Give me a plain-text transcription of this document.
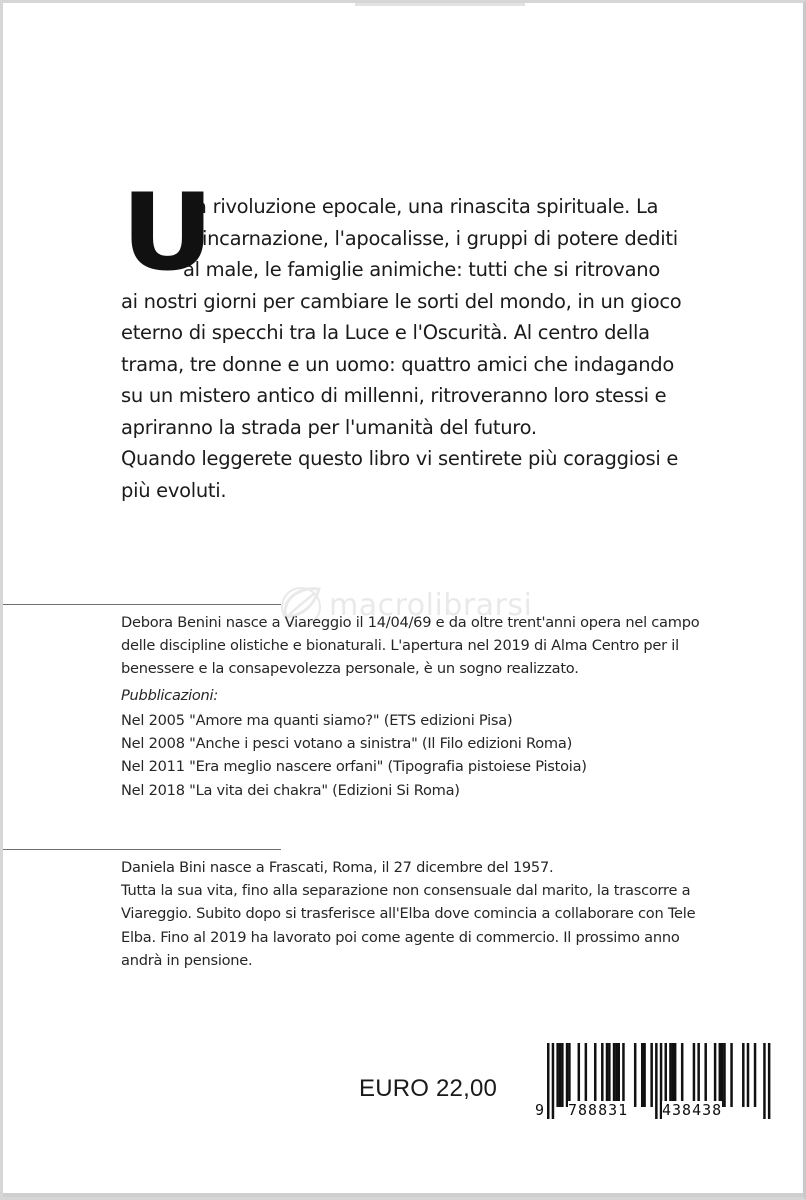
U
na rivoluzione epocale, una rinascita spirituale. La
reincarnazione, l'apocalisse, i gruppi di potere dediti
al male, le famiglie animiche: tutti che si ritrovano
ai nostri giorni per cambiare le sorti del mondo, in un gioco
eterno di specchi tra la Luce e l'Oscurità. Al centro della
trama, tre donne e un uomo: quattro amici che indagando
su un mistero antico di millenni, ritroveranno loro stessi e
apriranno la strada per l'umanità del futuro.
Quando leggerete questo libro vi sentirete più coraggiosi e
più evoluti.
macrolibrarsi
Debora Benini nasce a Viareggio il 14/04/69 e da oltre trent'anni opera nel campo
delle discipline olistiche e bionaturali. L'apertura nel 2019 di Alma Centro per il
benessere e la consapevolezza personale, è un sogno realizzato.
Pubblicazioni:
Nel 2005 "Amore ma quanti siamo?" (ETS edizioni Pisa)
Nel 2008 "Anche i pesci votano a sinistra" (Il Filo edizioni Roma)
Nel 2011 "Era meglio nascere orfani" (Tipografia pistoiese Pistoia)
Nel 2018 "La vita dei chakra" (Edizioni Si Roma)
Daniela Bini nasce a Frascati, Roma, il 27 dicembre del 1957.
Tutta la sua vita, fino alla separazione non consensuale dal marito, la trascorre a
Viareggio. Subito dopo si trasferisce all'Elba dove comincia a collaborare con Tele
Elba. Fino al 2019 ha lavorato poi come agente di commercio. Il prossimo anno
andrà in pensione.
EURO 22,00
9 788831 438438
